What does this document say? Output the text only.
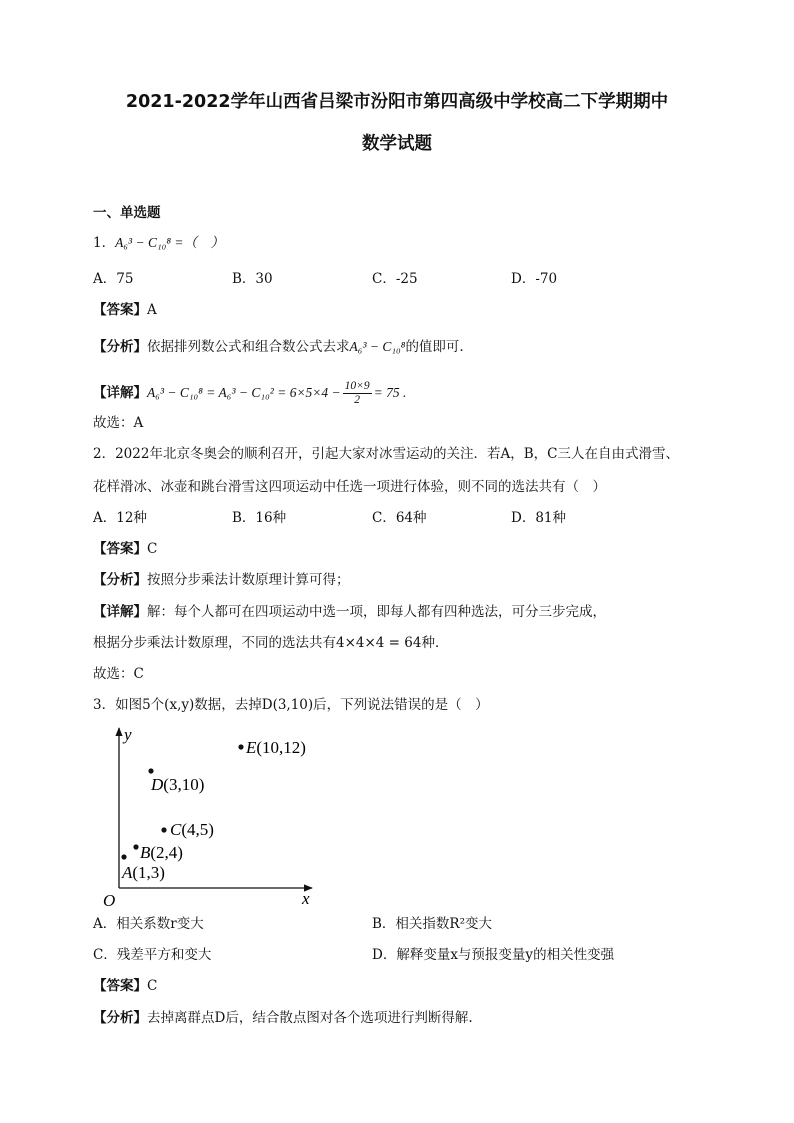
2021-2022学年山西省吕梁市汾阳市第四高级中学校高二下学期期中
数学试题
一、单选题
1．A₆³ − C₁₀⁸ =（　）
A．75	B．30	C．-25	D．-70
【答案】A
【分析】依据排列数公式和组合数公式去求A₆³ − C₁₀⁸的值即可.
【详解】$A_6^3 - C_{10}^8 = A_6^3 - C_{10}^2 = 6\times 5\times 4 - \frac{10\times 9}{2} = 75$ .
故选：A
2．2022年北京冬奥会的顺利召开，引起大家对冰雪运动的关注．若A，B，C三人在自由式滑雪、
花样滑冰、冰壶和跳台滑雪这四项运动中任选一项进行体验，则不同的选法共有（　）
A．12种	B．16种	C．64种	D．81种
【答案】C
【分析】按照分步乘法计数原理计算可得；
【详解】解：每个人都可在四项运动中选一项，即每人都有四种选法，可分三步完成，
根据分步乘法计数原理，不同的选法共有4×4×4 = 64种．
故选：C
3．如图5个(x,y)数据，去掉D(3,10)后，下列说法错误的是（　）
y
x
O
A(1,3)
B(2,4)
C(4,5)
D(3,10)
E(10,12)
A．相关系数r变大	B．相关指数R²变大
C．残差平方和变大	D．解释变量x与预报变量y的相关性变强
【答案】C
【分析】去掉离群点D后，结合散点图对各个选项进行判断得解.
